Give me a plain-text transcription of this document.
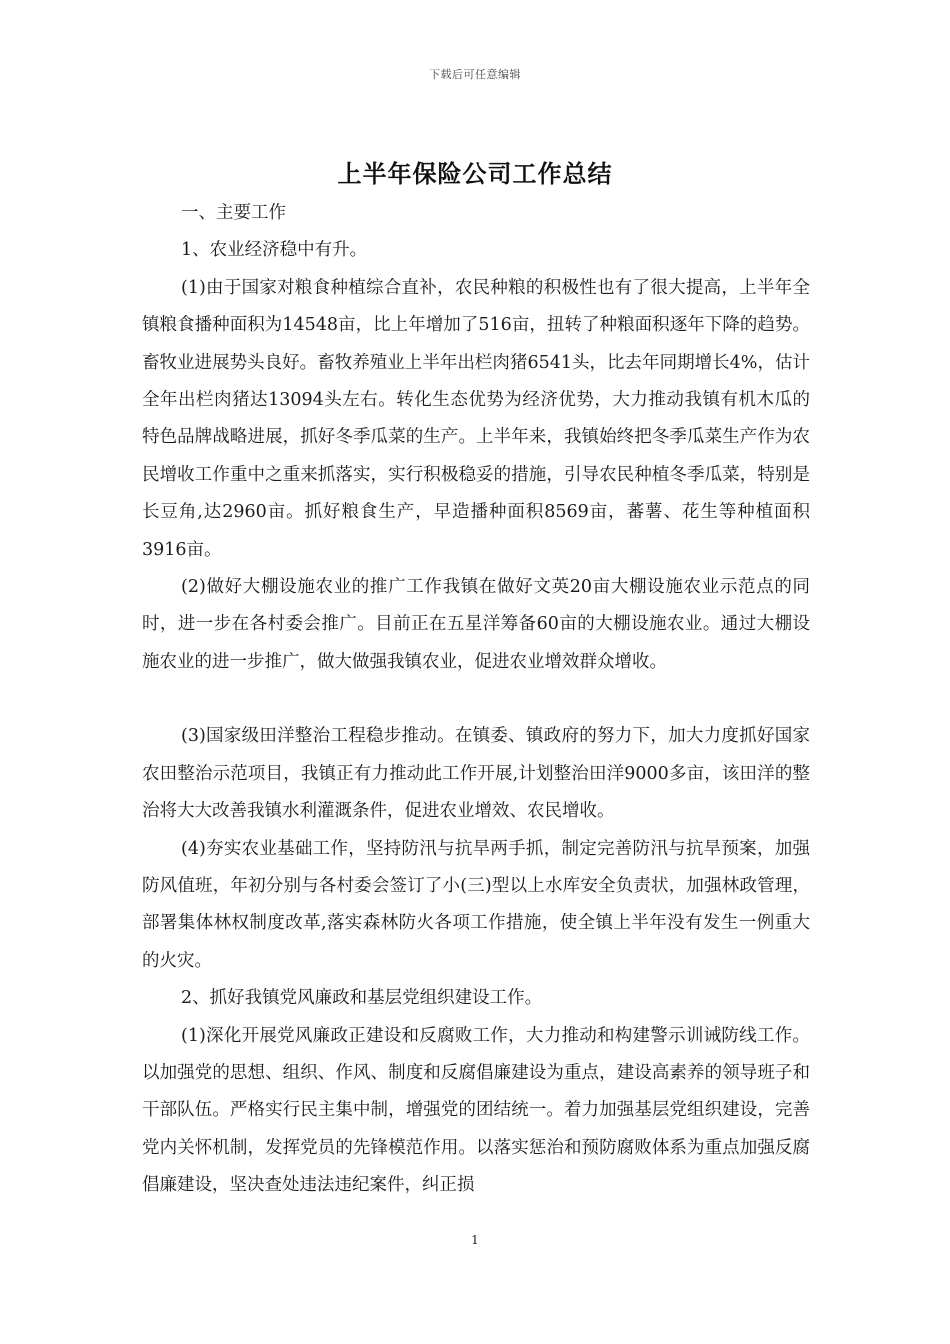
下载后可任意编辑
上半年保险公司工作总结

一、主要工作

1、农业经济稳中有升。

(1)由于国家对粮食种植综合直补，农民种粮的积极性也有了很大提高，上半年全镇粮食播种面积为14548亩，比上年增加了516亩，扭转了种粮面积逐年下降的趋势。畜牧业进展势头良好。畜牧养殖业上半年出栏肉猪6541头，比去年同期增长4%，估计全年出栏肉猪达13094头左右。转化生态优势为经济优势，大力推动我镇有机木瓜的特色品牌战略进展，抓好冬季瓜菜的生产。上半年来，我镇始终把冬季瓜菜生产作为农民增收工作重中之重来抓落实，实行积极稳妥的措施，引导农民种植冬季瓜菜，特别是长豆角,达2960亩。抓好粮食生产，早造播种面积8569亩，蕃薯、花生等种植面积3916亩。

(2)做好大棚设施农业的推广工作我镇在做好文英20亩大棚设施农业示范点的同时，进一步在各村委会推广。目前正在五星洋筹备60亩的大棚设施农业。通过大棚设施农业的进一步推广，做大做强我镇农业，促进农业增效群众增收。

(3)国家级田洋整治工程稳步推动。在镇委、镇政府的努力下，加大力度抓好国家农田整治示范项目，我镇正有力推动此工作开展,计划整治田洋9000多亩，该田洋的整治将大大改善我镇水利灌溉条件，促进农业增效、农民增收。

(4)夯实农业基础工作，坚持防汛与抗旱两手抓，制定完善防汛与抗旱预案，加强防风值班，年初分别与各村委会签订了小(三)型以上水库安全负责状，加强林政管理，部署集体林权制度改革,落实森林防火各项工作措施，使全镇上半年没有发生一例重大的火灾。

2、抓好我镇党风廉政和基层党组织建设工作。

(1)深化开展党风廉政正建设和反腐败工作，大力推动和构建警示训诫防线工作。以加强党的思想、组织、作风、制度和反腐倡廉建设为重点，建设高素养的领导班子和干部队伍。严格实行民主集中制，增强党的团结统一。着力加强基层党组织建设，完善党内关怀机制，发挥党员的先锋模范作用。以落实惩治和预防腐败体系为重点加强反腐倡廉建设，坚决查处违法违纪案件，纠正损

1
